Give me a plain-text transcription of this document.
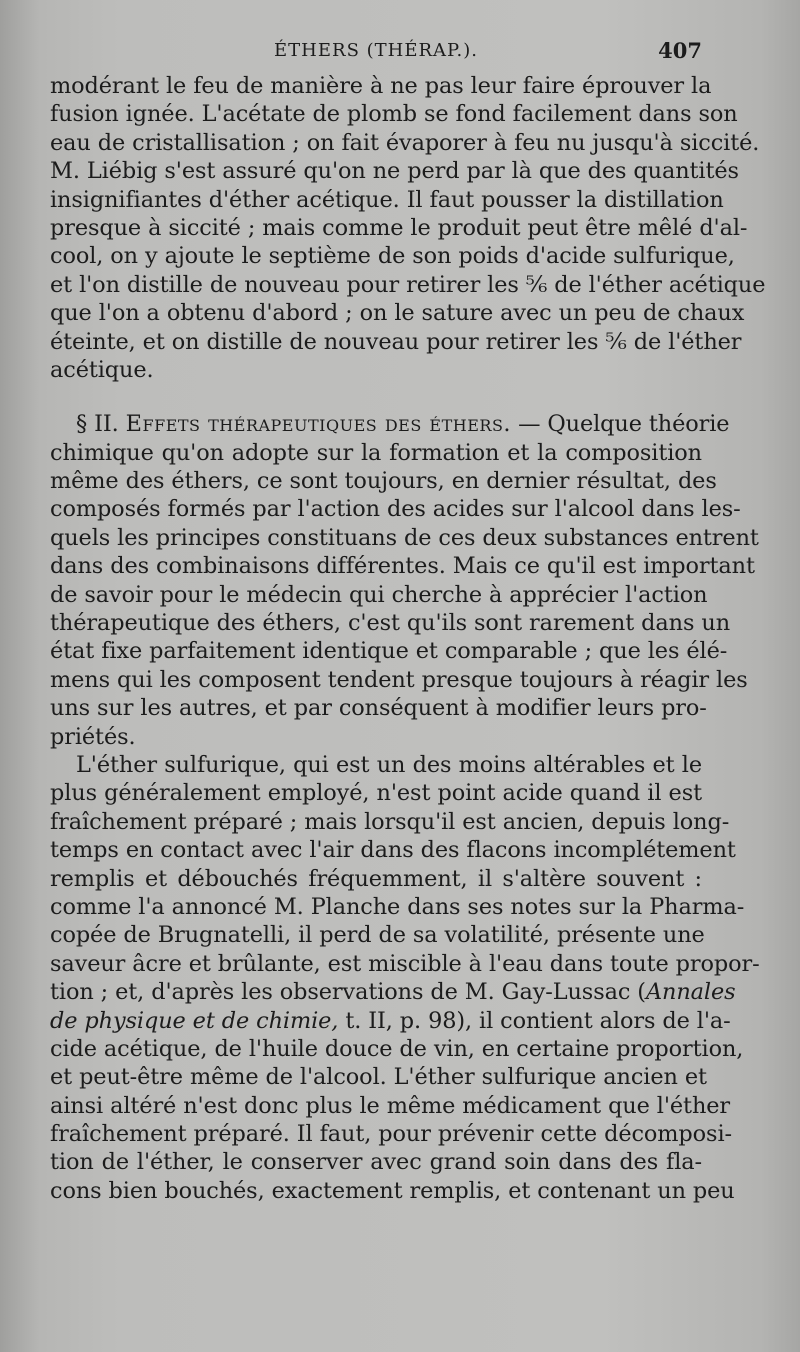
ÉTHERS (THÉRAP.).	407
modérant le feu de manière à ne pas leur faire éprouver la
fusion ignée. L'acétate de plomb se fond facilement dans son
eau de cristallisation ; on fait évaporer à feu nu jusqu'à siccité.
M. Liébig s'est assuré qu'on ne perd par là que des quantités
insignifiantes d'éther acétique. Il faut pousser la distillation
presque à siccité ; mais comme le produit peut être mêlé d'al-
cool, on y ajoute le septième de son poids d'acide sulfurique,
et l'on distille de nouveau pour retirer les ⁵⁄₆ de l'éther acétique
que l'on a obtenu d'abord ; on le sature avec un peu de chaux
éteinte, et on distille de nouveau pour retirer les ⁵⁄₆ de l'éther
acétique.
§ II. Effets thérapeutiques des éthers. — Quelque théorie
chimique qu'on adopte sur la formation et la composition
même des éthers, ce sont toujours, en dernier résultat, des
composés formés par l'action des acides sur l'alcool dans les-
quels les principes constituans de ces deux substances entrent
dans des combinaisons différentes. Mais ce qu'il est important
de savoir pour le médecin qui cherche à apprécier l'action
thérapeutique des éthers, c'est qu'ils sont rarement dans un
état fixe parfaitement identique et comparable ; que les élé-
mens qui les composent tendent presque toujours à réagir les
uns sur les autres, et par conséquent à modifier leurs pro-
priétés.
L'éther sulfurique, qui est un des moins altérables et le
plus généralement employé, n'est point acide quand il est
fraîchement préparé ; mais lorsqu'il est ancien, depuis long-
temps en contact avec l'air dans des flacons incomplétement
remplis et débouchés fréquemment, il s'altère souvent :
comme l'a annoncé M. Planche dans ses notes sur la Pharma-
copée de Brugnatelli, il perd de sa volatilité, présente une
saveur âcre et brûlante, est miscible à l'eau dans toute propor-
tion ; et, d'après les observations de M. Gay-Lussac (Annales
de physique et de chimie, t. II, p. 98), il contient alors de l'a-
cide acétique, de l'huile douce de vin, en certaine proportion,
et peut-être même de l'alcool. L'éther sulfurique ancien et
ainsi altéré n'est donc plus le même médicament que l'éther
fraîchement préparé. Il faut, pour prévenir cette décomposi-
tion de l'éther, le conserver avec grand soin dans des fla-
cons bien bouchés, exactement remplis, et contenant un peu
